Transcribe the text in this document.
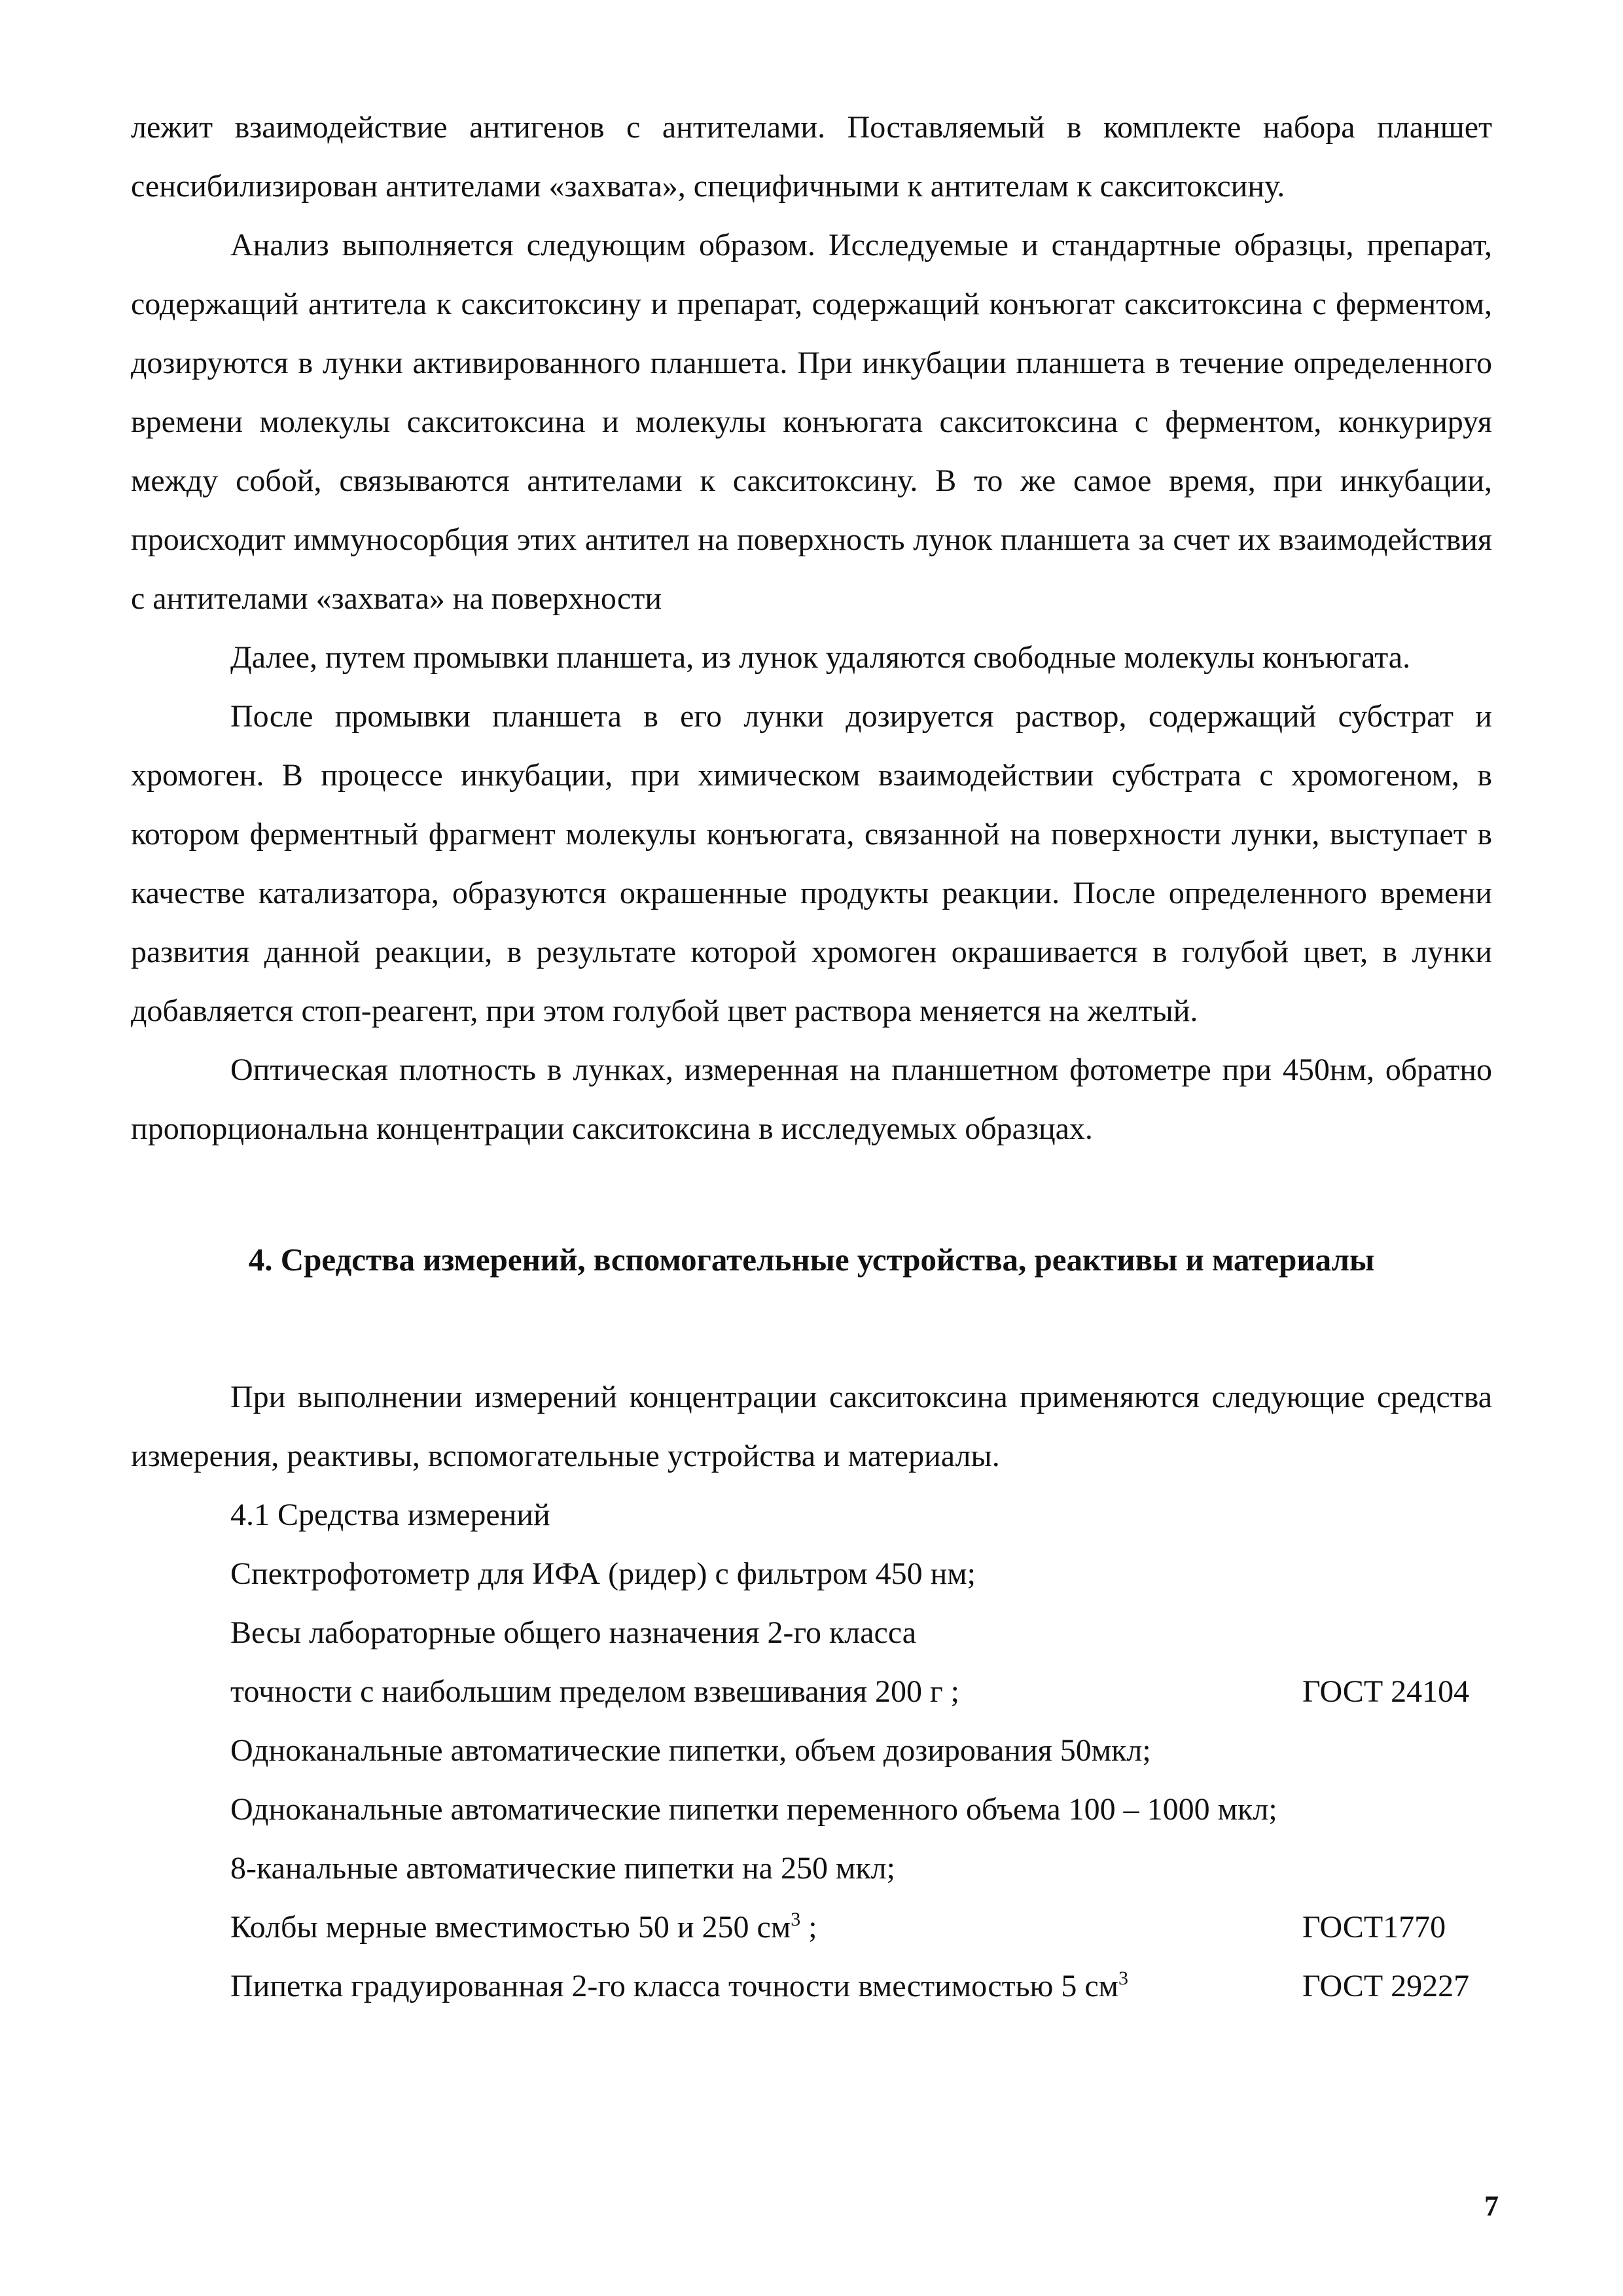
лежит взаимодействие антигенов с антителами. Поставляемый в комплекте набора планшет сенсибилизирован антителами «захвата», специфичными к антителам к сакситоксину.

Анализ выполняется следующим образом. Исследуемые и стандартные образцы, препарат, содержащий антитела к сакситоксину и препарат, содержащий конъюгат сакситоксина с ферментом, дозируются в лунки активированного планшета. При инкубации планшета в течение определенного времени молекулы сакситоксина и молекулы конъюгата сакситоксина с ферментом, конкурируя между собой, связываются антителами к сакситоксину. В то же самое время, при инкубации, происходит иммуносорбция этих антител на поверхность лунок планшета за счет их взаимодействия с антителами «захвата» на поверхности

Далее, путем промывки планшета, из лунок удаляются свободные молекулы конъюгата.

После промывки планшета в его лунки дозируется раствор, содержащий субстрат и хромоген. В процессе инкубации, при химическом взаимодействии субстрата с хромогеном, в котором ферментный фрагмент молекулы конъюгата, связанной на поверхности лунки, выступает в качестве катализатора, образуются окрашенные продукты реакции. После определенного времени развития данной реакции, в результате которой хромоген окрашивается в голубой цвет, в лунки добавляется стоп-реагент, при этом голубой цвет раствора меняется на желтый.

Оптическая плотность в лунках, измеренная на планшетном фотометре при 450нм, обратно пропорциональна концентрации сакситоксина в исследуемых образцах.

4. Средства измерений, вспомогательные устройства, реактивы и материалы

При выполнении измерений концентрации сакситоксина применяются следующие средства измерения, реактивы, вспомогательные устройства и материалы.

4.1 Средства измерений
Спектрофотометр для ИФА (ридер) с фильтром 450 нм;
Весы лабораторные общего назначения 2-го класса
точности с наибольшим пределом взвешивания 200 г ;	ГОСТ 24104
Одноканальные автоматические пипетки, объем дозирования 50мкл;
Одноканальные автоматические пипетки переменного объема 100 – 1000 мкл;
8-канальные автоматические пипетки на 250 мкл;
Колбы мерные вместимостью 50 и 250 $см^3$ ;	ГОСТ1770
Пипетка градуированная 2-го класса точности вместимостью 5 $см^3$	ГОСТ 29227
7
